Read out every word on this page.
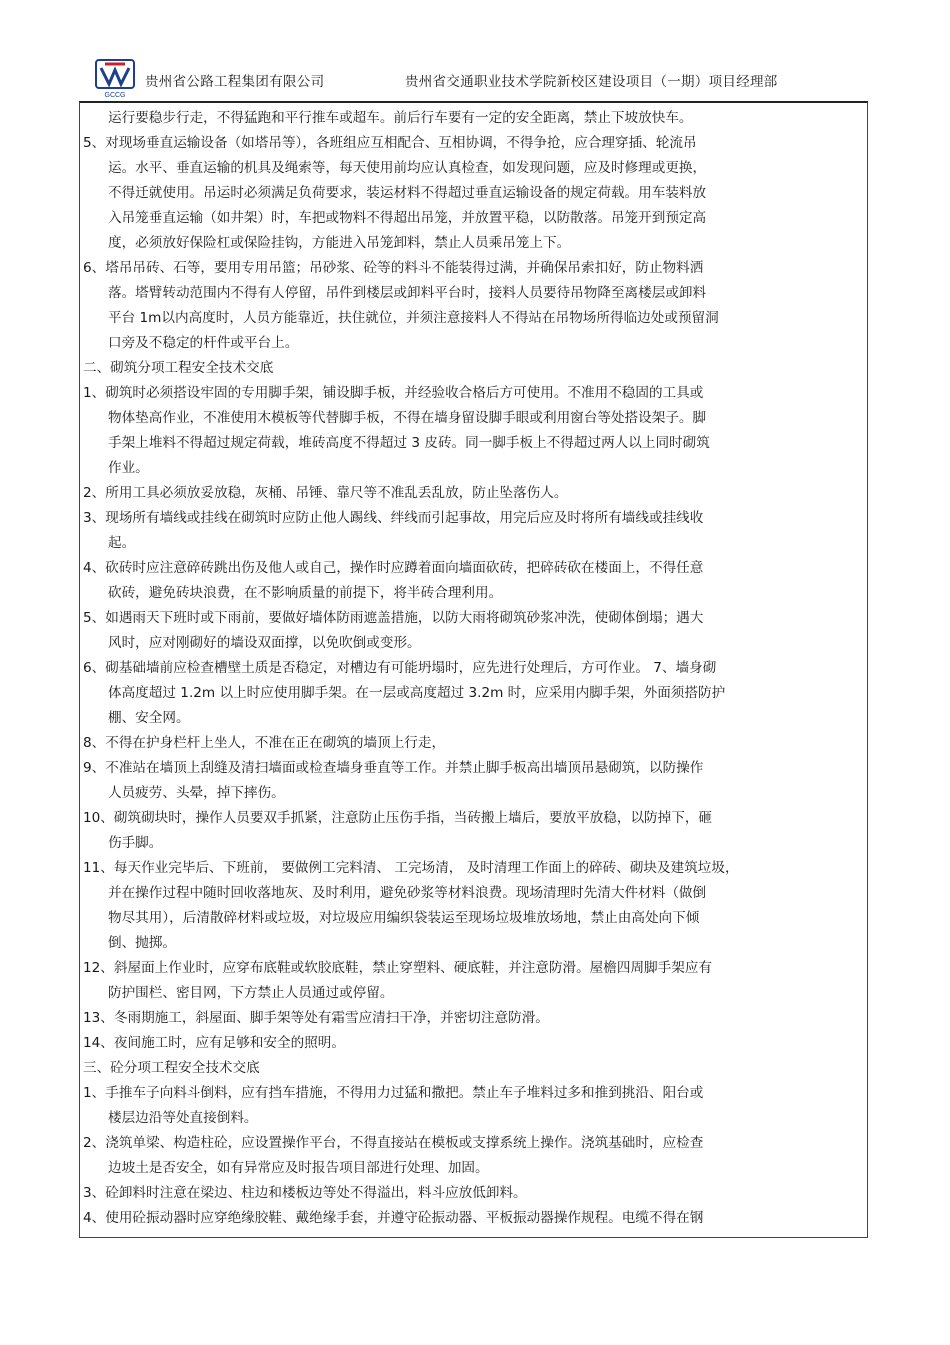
GCCG
贵州省公路工程集团有限公司	贵州省交通职业技术学院新校区建设项目（一期）项目经理部
运行要稳步行走，不得猛跑和平行推车或超车。前后行车要有一定的安全距离，禁止下坡放快车。
5、对现场垂直运输设备（如塔吊等），各班组应互相配合、互相协调，不得争抢，应合理穿插、轮流吊
运。水平、垂直运输的机具及绳索等，每天使用前均应认真检查，如发现问题，应及时修理或更换，
不得迁就使用。吊运时必须满足负荷要求，装运材料不得超过垂直运输设备的规定荷载。用车装料放
入吊笼垂直运输（如井架）时，车把或物料不得超出吊笼，并放置平稳，以防散落。吊笼开到预定高
度，必须放好保险杠或保险挂钩，方能进入吊笼卸料，禁止人员乘吊笼上下。
6、塔吊吊砖、石等，要用专用吊篮；吊砂浆、砼等的料斗不能装得过满，并确保吊索扣好，防止物料洒
落。塔臂转动范围内不得有人停留，吊件到楼层或卸料平台时，接料人员要待吊物降至离楼层或卸料
平台 1m以内高度时，人员方能靠近，扶住就位，并须注意接料人不得站在吊物场所得临边处或预留洞
口旁及不稳定的杆件或平台上。
二、砌筑分项工程安全技术交底
1、砌筑时必须搭设牢固的专用脚手架，铺设脚手板，并经验收合格后方可使用。不准用不稳固的工具或
物体垫高作业，不准使用木模板等代替脚手板，不得在墙身留设脚手眼或利用窗台等处搭设架子。脚
手架上堆料不得超过规定荷载，堆砖高度不得超过 3 皮砖。同一脚手板上不得超过两人以上同时砌筑
作业。
2、所用工具必须放妥放稳，灰桶、吊锤、靠尺等不准乱丢乱放，防止坠落伤人。
3、现场所有墙线或挂线在砌筑时应防止他人踢线、绊线而引起事故，用完后应及时将所有墙线或挂线收
起。
4、砍砖时应注意碎砖跳出伤及他人或自己，操作时应蹲着面向墙面砍砖，把碎砖砍在楼面上，不得任意
砍砖，避免砖块浪费，在不影响质量的前提下，将半砖合理利用。
5、如遇雨天下班时或下雨前，要做好墙体防雨遮盖措施，以防大雨将砌筑砂浆冲洗，使砌体倒塌；遇大
风时，应对刚砌好的墙设双面撑，以免吹倒或变形。
6、砌基础墙前应检查槽壁土质是否稳定，对槽边有可能坍塌时，应先进行处理后，方可作业。 7、墙身砌
体高度超过 1.2m 以上时应使用脚手架。在一层或高度超过 3.2m 时，应采用内脚手架，外面须搭防护
棚、安全网。
8、不得在护身栏杆上坐人，不准在正在砌筑的墙顶上行走，
9、不准站在墙顶上刮缝及清扫墙面或检查墙身垂直等工作。并禁止脚手板高出墙顶吊悬砌筑，以防操作
人员疲劳、头晕，掉下摔伤。
10、砌筑砌块时，操作人员要双手抓紧，注意防止压伤手指，当砖搬上墙后，要放平放稳，以防掉下，砸
伤手脚。
11、每天作业完毕后、下班前， 要做例工完料清、 工完场清， 及时清理工作面上的碎砖、砌块及建筑垃圾，
并在操作过程中随时回收落地灰、及时利用，避免砂浆等材料浪费。现场清理时先清大件材料（做倒
物尽其用），后清散碎材料或垃圾，对垃圾应用编织袋装运至现场垃圾堆放场地，禁止由高处向下倾
倒、抛掷。
12、斜屋面上作业时，应穿布底鞋或软胶底鞋，禁止穿塑料、硬底鞋，并注意防滑。屋檐四周脚手架应有
防护围栏、密目网，下方禁止人员通过或停留。
13、冬雨期施工，斜屋面、脚手架等处有霜雪应清扫干净，并密切注意防滑。
14、夜间施工时，应有足够和安全的照明。
三、砼分项工程安全技术交底
1、手推车子向料斗倒料，应有挡车措施，不得用力过猛和撒把。禁止车子堆料过多和推到挑沿、阳台或
楼层边沿等处直接倒料。
2、浇筑单梁、构造柱砼，应设置操作平台，不得直接站在模板或支撑系统上操作。浇筑基础时，应检查
边坡土是否安全，如有异常应及时报告项目部进行处理、加固。
3、砼卸料时注意在梁边、柱边和楼板边等处不得溢出，料斗应放低卸料。
4、使用砼振动器时应穿绝缘胶鞋、戴绝缘手套，并遵守砼振动器、平板振动器操作规程。电缆不得在钢
